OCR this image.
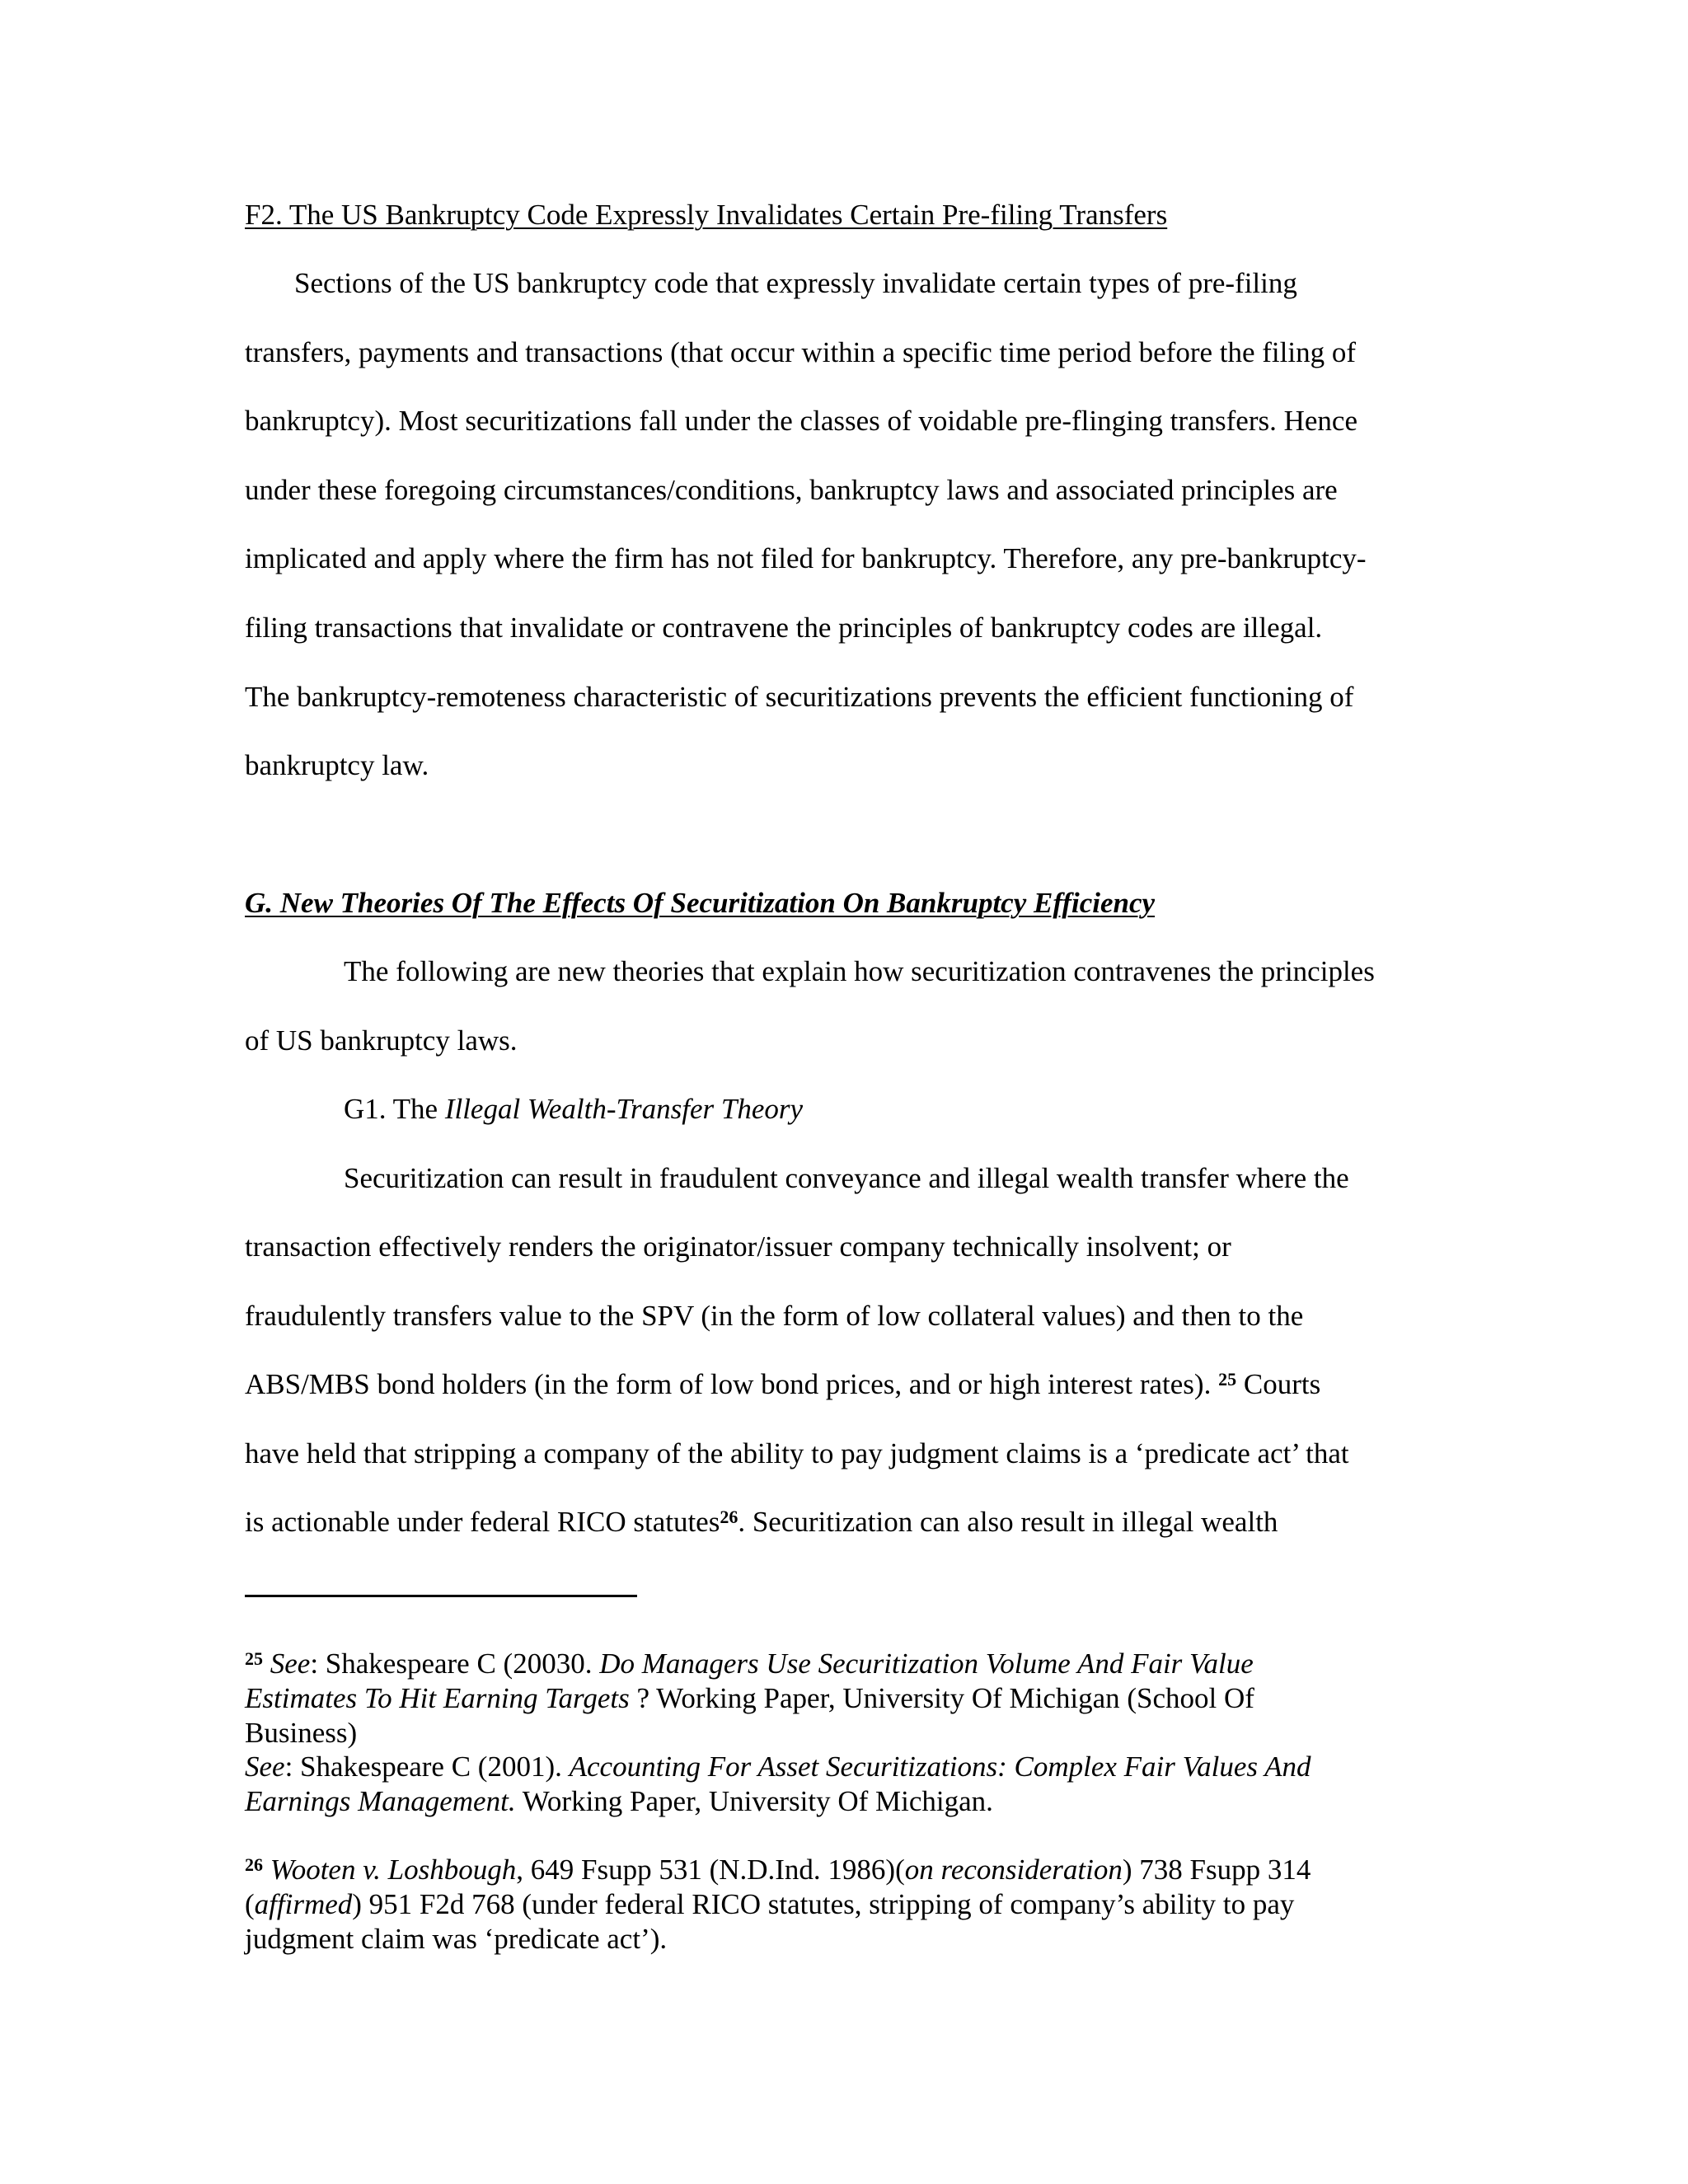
F2. The US Bankruptcy Code Expressly Invalidates Certain Pre-filing Transfers
Sections of the US bankruptcy code that expressly invalidate certain types of pre-filing
transfers, payments and transactions (that occur within a specific time period before the filing of
bankruptcy). Most securitizations fall under the classes of voidable pre-flinging transfers. Hence
under these foregoing circumstances/conditions, bankruptcy laws and associated principles are
implicated and apply where the firm has not filed for bankruptcy. Therefore, any pre-bankruptcy-
filing transactions that invalidate or contravene the principles of bankruptcy codes are illegal.
The bankruptcy-remoteness characteristic of securitizations prevents the efficient functioning of
bankruptcy law.
G. New Theories Of The Effects Of Securitization On Bankruptcy Efficiency
The following are new theories that explain how securitization contravenes the principles
of US bankruptcy laws.
G1. The Illegal Wealth-Transfer Theory
Securitization can result in fraudulent conveyance and illegal wealth transfer where the
transaction effectively renders the originator/issuer company technically insolvent; or
fraudulently transfers value to the SPV (in the form of low collateral values) and then to the
ABS/MBS bond holders (in the form of low bond prices, and or high interest rates). $^{25}$ Courts
have held that stripping a company of the ability to pay judgment claims is a ‘predicate act’ that
is actionable under federal RICO statutes$^{26}$. Securitization can also result in illegal wealth
$^{25}$ See: Shakespeare C (20030. Do Managers Use Securitization Volume And Fair Value
Estimates To Hit Earning Targets ? Working Paper, University Of Michigan (School Of
Business)
See: Shakespeare C (2001). Accounting For Asset Securitizations: Complex Fair Values And
Earnings Management. Working Paper, University Of Michigan.
$^{26}$ Wooten v. Loshbough, 649 Fsupp 531 (N.D.Ind. 1986)(on reconsideration) 738 Fsupp 314
(affirmed) 951 F2d 768 (under federal RICO statutes, stripping of company’s ability to pay
judgment claim was ‘predicate act’).
